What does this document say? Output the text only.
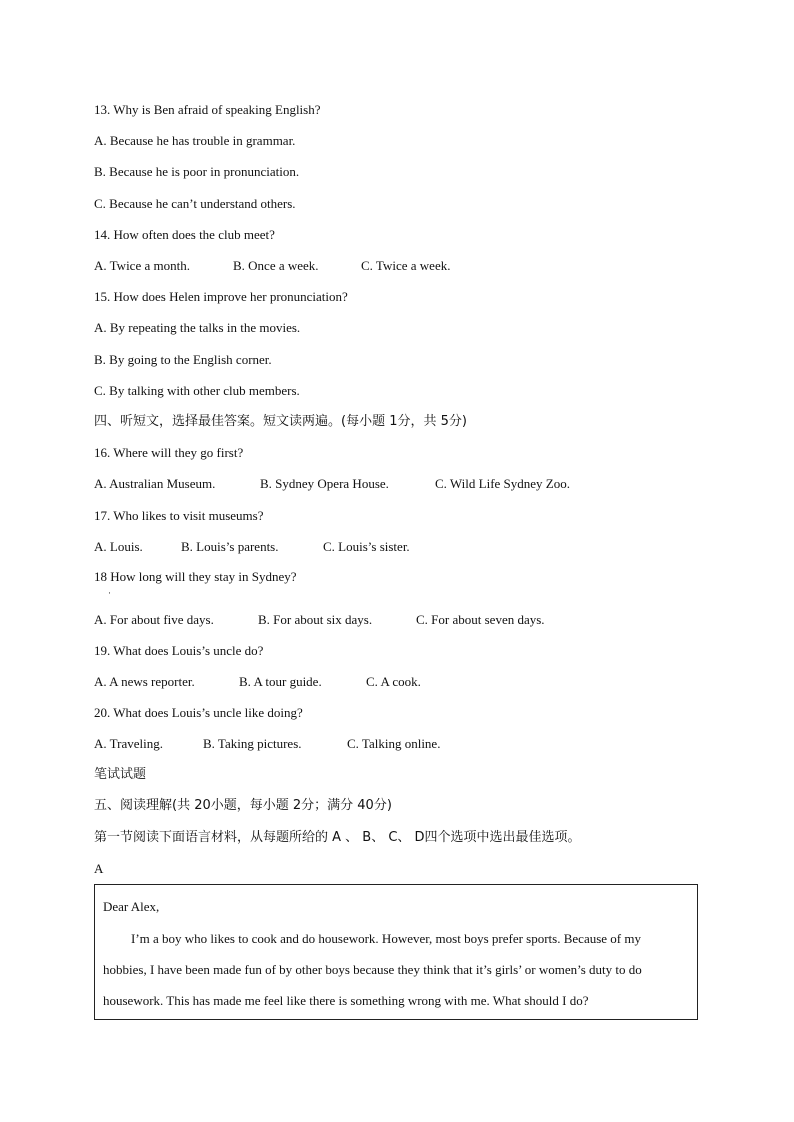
13. Why is Ben afraid of speaking English?
A. Because he has trouble in grammar.
B. Because he is poor in pronunciation.
C. Because he can’t understand others.
14. How often does the club meet?
A. Twice a month.	B. Once a week.	C. Twice a week.
15. How does Helen improve her pronunciation?
A. By repeating the talks in the movies.
B. By going to the English corner.
C. By talking with other club members.
四、听短文，选择最佳答案。短文读两遍。(每小题 1分，共 5分)
16. Where will they go first?
A. Australian Museum.	B. Sydney Opera House.	C. Wild Life Sydney Zoo.
17. Who likes to visit museums?
A. Louis.	B. Louis’s parents.	C. Louis’s sister.
18 How long will they stay in Sydney?
·
A. For about five days.	B. For about six days.	C. For about seven days.
19. What does Louis’s uncle do?
A. A news reporter.	B. A tour guide.	C. A cook.
20. What does Louis’s uncle like doing?
A. Traveling.	B. Taking pictures.	C. Talking online.
笔试试题
五、阅读理解(共 20小题，每小题 2分；满分 40分)
第一节阅读下面语言材料，从每题所给的 A 、 B、 C、 D四个选项中选出最佳选项。
A
Dear Alex,
I’m a boy who likes to cook and do housework. However, most boys prefer sports. Because of my
hobbies, I have been made fun of by other boys because they think that it’s girls’ or women’s duty to do
housework. This has made me feel like there is something wrong with me. What should I do?
